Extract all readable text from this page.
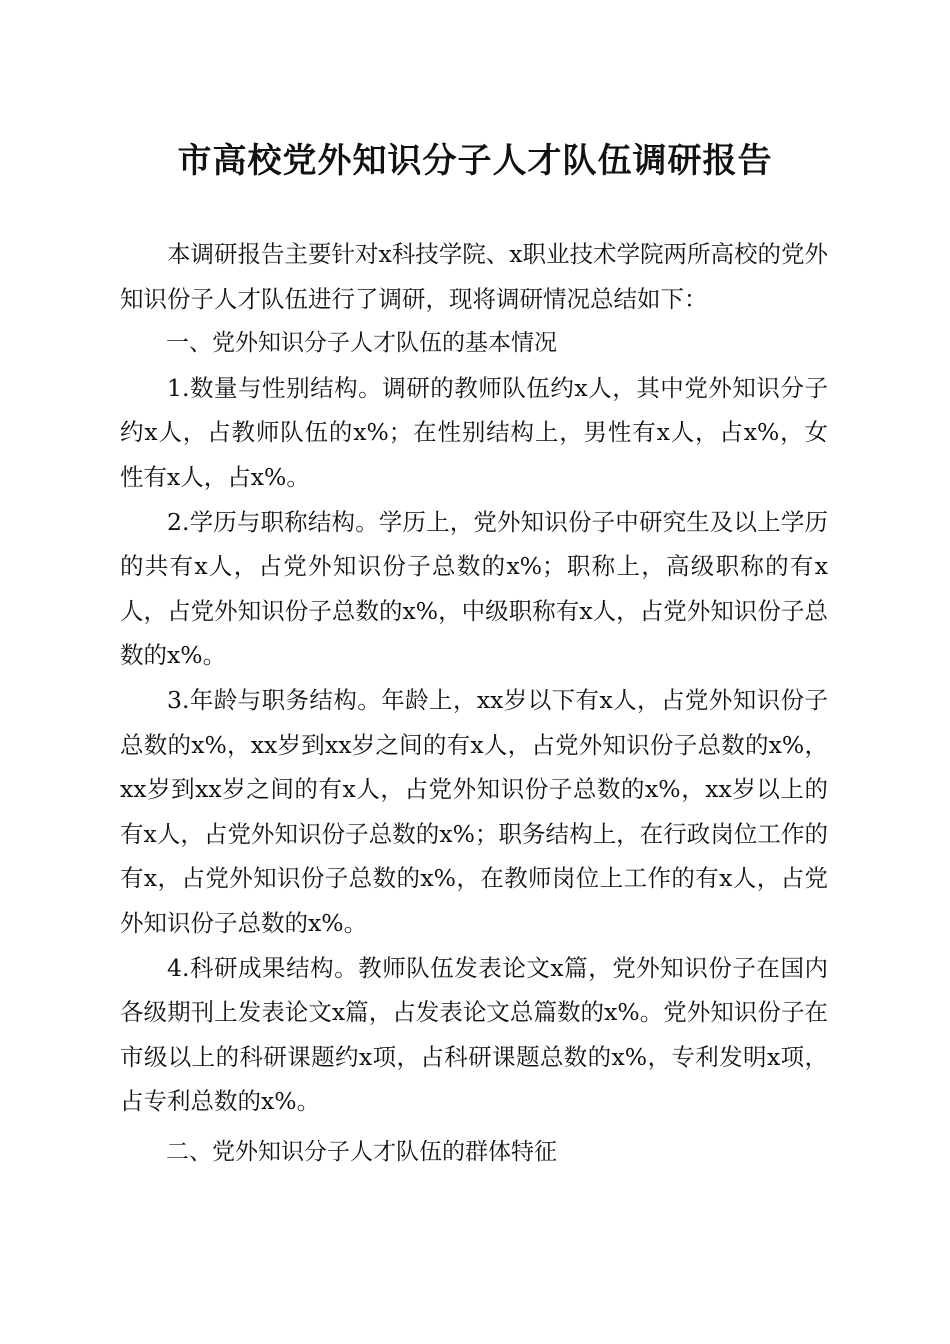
市高校党外知识分子人才队伍调研报告

本调研报告主要针对x科技学院、x职业技术学院两所高校的党外知识份子人才队伍进行了调研，现将调研情况总结如下：

一、党外知识分子人才队伍的基本情况

1.数量与性别结构。调研的教师队伍约x人，其中党外知识分子约x人，占教师队伍的x%；在性别结构上，男性有x人，占x%，女性有x人，占x%。

2.学历与职称结构。学历上，党外知识份子中研究生及以上学历的共有x人，占党外知识份子总数的x%；职称上，高级职称的有x人，占党外知识份子总数的x%，中级职称有x人，占党外知识份子总数的x%。

3.年龄与职务结构。年龄上，xx岁以下有x人，占党外知识份子总数的x%，xx岁到xx岁之间的有x人，占党外知识份子总数的x%，xx岁到xx岁之间的有x人，占党外知识份子总数的x%，xx岁以上的有x人，占党外知识份子总数的x%；职务结构上，在行政岗位工作的有x，占党外知识份子总数的x%，在教师岗位上工作的有x人，占党外知识份子总数的x%。

4.科研成果结构。教师队伍发表论文x篇，党外知识份子在国内各级期刊上发表论文x篇，占发表论文总篇数的x%。党外知识份子在市级以上的科研课题约x项，占科研课题总数的x%，专利发明x项，占专利总数的x%。

二、党外知识分子人才队伍的群体特征
